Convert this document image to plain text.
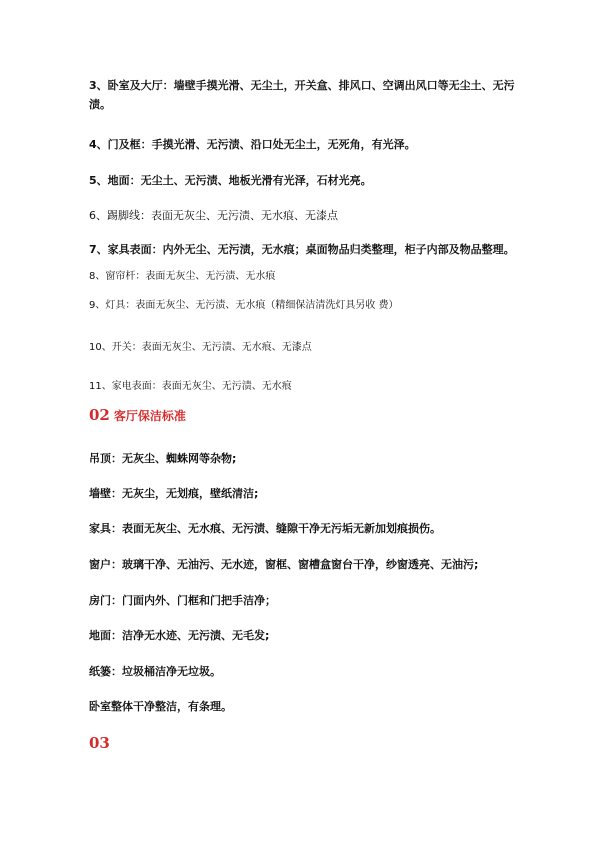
3、卧室及大厅：墙壁手摸光滑、无尘土，开关盒、排风口、空调出风口等无尘土、无污渍。
4、门及框：手摸光滑、无污渍、沿口处无尘土，无死角，有光泽。
5、地面：无尘土、无污渍、地板光滑有光泽，石材光亮。
6、踢脚线：表面无灰尘、无污渍、无水痕、无漆点
7、家具表面：内外无尘、无污渍，无水痕；桌面物品归类整理，柜子内部及物品整理。
8、窗帘杆：表面无灰尘、无污渍、无水痕
9、灯具：表面无灰尘、无污渍、无水痕（精细保洁清洗灯具另收 费）
10、开关：表面无灰尘、无污渍、无水痕、无漆点
11、家电表面：表面无灰尘、无污渍、无水痕
02 客厅保洁标准
吊顶：无灰尘、蜘蛛网等杂物;
墙壁：无灰尘，无划痕，壁纸清洁;
家具：表面无灰尘、无水痕、无污渍、缝隙干净无污垢无新加划痕损伤。
窗户：玻璃干净、无油污、无水迹，窗框、窗槽盒窗台干净，纱窗透亮、无油污;
房门：门面内外、门框和门把手洁净；
地面：洁净无水迹、无污渍、无毛发;
纸篓：垃圾桶洁净无垃圾。
卧室整体干净整洁，有条理。
03
